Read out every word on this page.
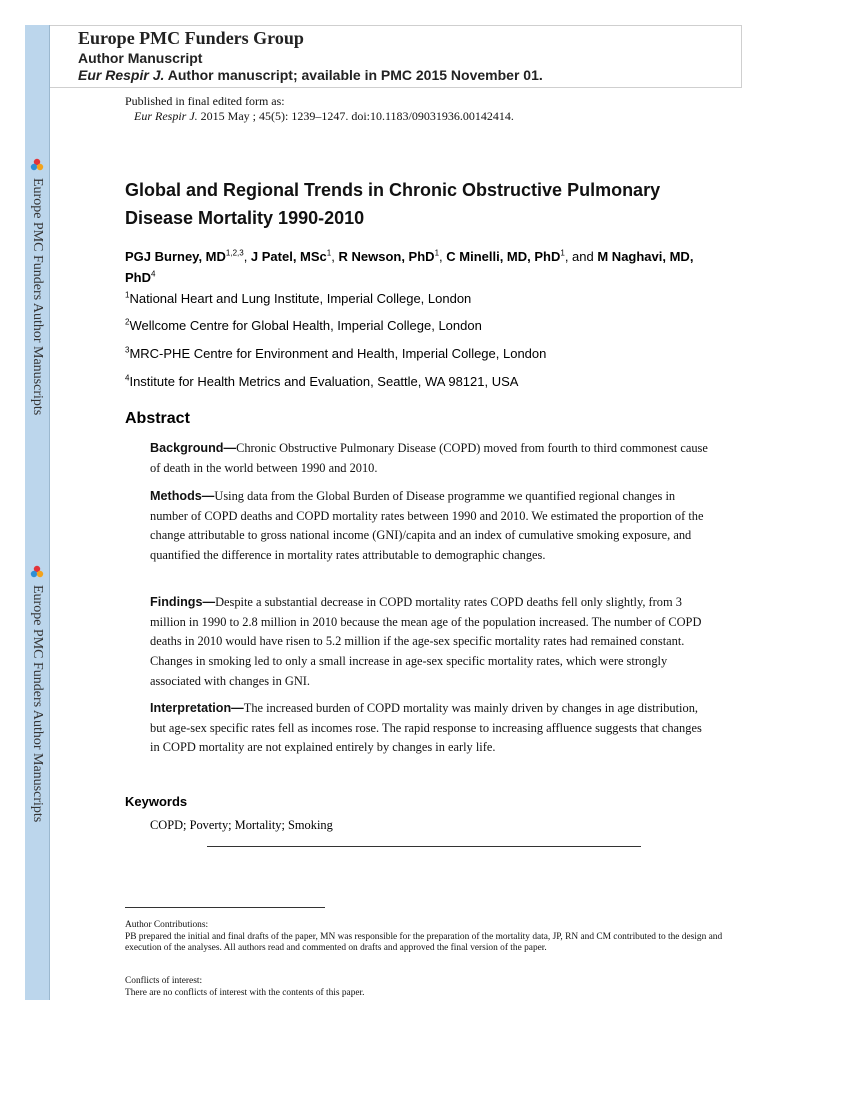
Europe PMC Funders Author Manuscripts
Europe PMC Funders Author Manuscripts
Europe PMC Funders Group
Author Manuscript
Eur Respir J. Author manuscript; available in PMC 2015 November 01.
Published in final edited form as:
Eur Respir J. 2015 May ; 45(5): 1239–1247. doi:10.1183/09031936.00142414.
Global and Regional Trends in Chronic Obstructive Pulmonary Disease Mortality 1990-2010
PGJ Burney, MD$^{1,2,3}$, J Patel, MSc$^1$, R Newson, PhD$^1$, C Minelli, MD, PhD$^1$, and M Naghavi, MD, PhD$^4$
$^1$National Heart and Lung Institute, Imperial College, London
$^2$Wellcome Centre for Global Health, Imperial College, London
$^3$MRC-PHE Centre for Environment and Health, Imperial College, London
$^4$Institute for Health Metrics and Evaluation, Seattle, WA 98121, USA
Abstract
Background—Chronic Obstructive Pulmonary Disease (COPD) moved from fourth to third commonest cause of death in the world between 1990 and 2010.
Methods—Using data from the Global Burden of Disease programme we quantified regional changes in number of COPD deaths and COPD mortality rates between 1990 and 2010. We estimated the proportion of the change attributable to gross national income (GNI)/capita and an index of cumulative smoking exposure, and quantified the difference in mortality rates attributable to demographic changes.
Findings—Despite a substantial decrease in COPD mortality rates COPD deaths fell only slightly, from 3 million in 1990 to 2.8 million in 2010 because the mean age of the population increased. The number of COPD deaths in 2010 would have risen to 5.2 million if the age-sex specific mortality rates had remained constant. Changes in smoking led to only a small increase in age-sex specific mortality rates, which were strongly associated with changes in GNI.
Interpretation—The increased burden of COPD mortality was mainly driven by changes in age distribution, but age-sex specific rates fell as incomes rose. The rapid response to increasing affluence suggests that changes in COPD mortality are not explained entirely by changes in early life.
Keywords
COPD; Poverty; Mortality; Smoking
Author Contributions:
PB prepared the initial and final drafts of the paper, MN was responsible for the preparation of the mortality data, JP, RN and CM contributed to the design and execution of the analyses. All authors read and commented on drafts and approved the final version of the paper.
Conflicts of interest:
There are no conflicts of interest with the contents of this paper.
